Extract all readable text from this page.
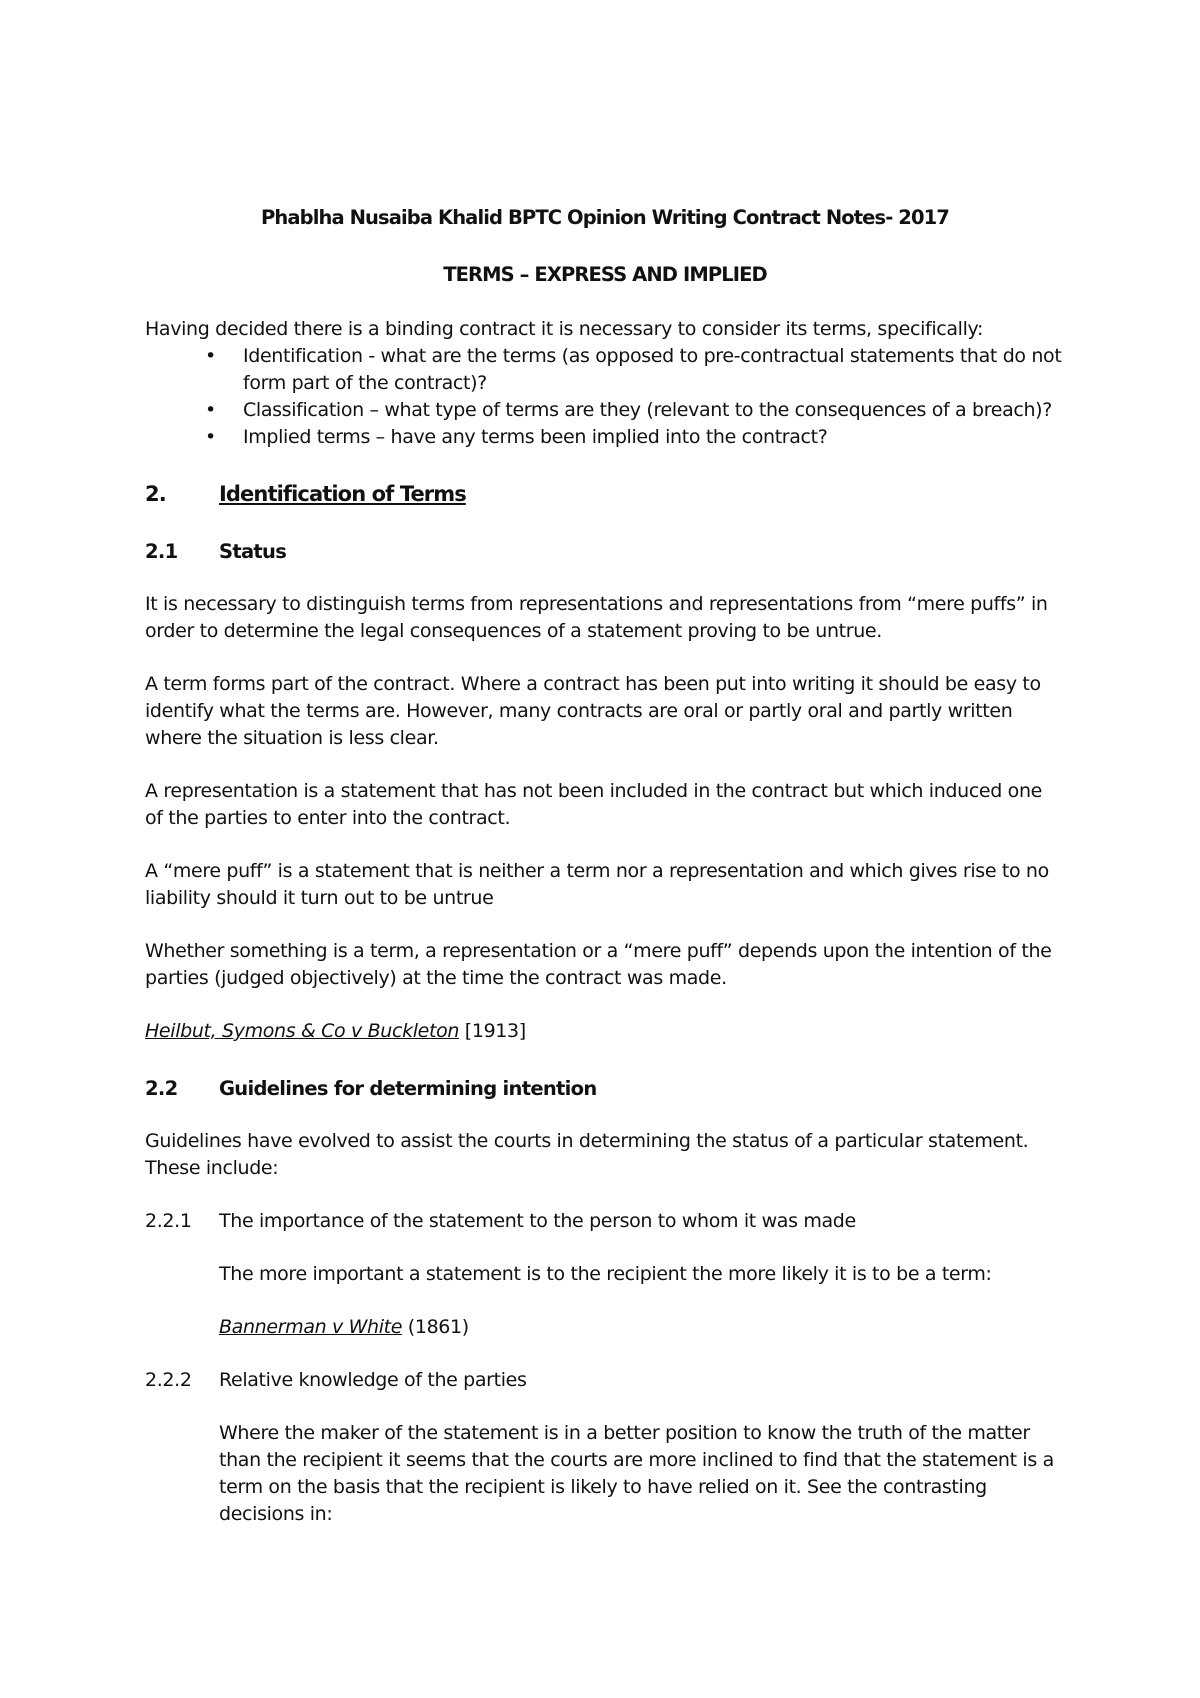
Phablha Nusaiba Khalid BPTC Opinion Writing Contract Notes- 2017

TERMS – EXPRESS AND IMPLIED

Having decided there is a binding contract it is necessary to consider its terms, specifically:

• Identification - what are the terms (as opposed to pre-contractual statements that do not form part of the contract)?
• Classification – what type of terms are they (relevant to the consequences of a breach)?
• Implied terms – have any terms been implied into the contract?
2.	Identification of Terms
2.1	Status

It is necessary to distinguish terms from representations and representations from “mere puffs” in order to determine the legal consequences of a statement proving to be untrue.

A term forms part of the contract. Where a contract has been put into writing it should be easy to identify what the terms are. However, many contracts are oral or partly oral and partly written where the situation is less clear.

A representation is a statement that has not been included in the contract but which induced one of the parties to enter into the contract.

A “mere puff” is a statement that is neither a term nor a representation and which gives rise to no liability should it turn out to be untrue

Whether something is a term, a representation or a “mere puff” depends upon the intention of the parties (judged objectively) at the time the contract was made.

Heilbut, Symons & Co v Buckleton [1913]

2.2	Guidelines for determining intention

Guidelines have evolved to assist the courts in determining the status of a particular statement. These include:

2.2.1	The importance of the statement to the person to whom it was made

The more important a statement is to the recipient the more likely it is to be a term:

Bannerman v White (1861)

2.2.2	Relative knowledge of the parties

Where the maker of the statement is in a better position to know the truth of the matter than the recipient it seems that the courts are more inclined to find that the statement is a term on the basis that the recipient is likely to have relied on it. See the contrasting decisions in:
